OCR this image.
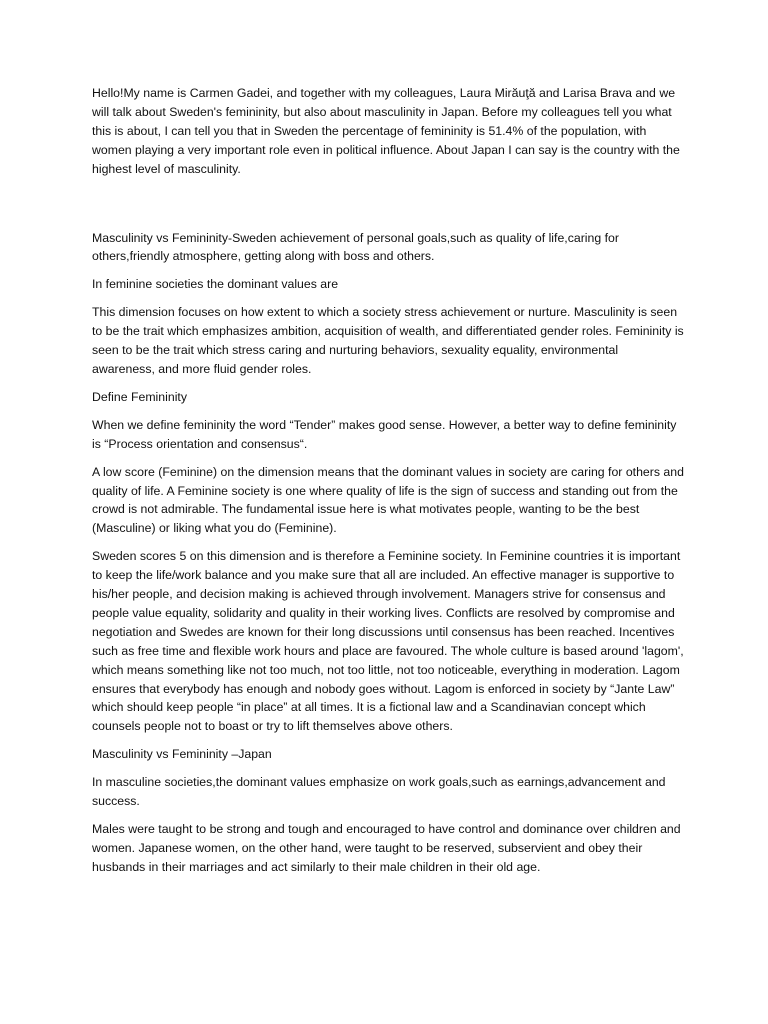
Hello!My name is Carmen Gadei, and together with my colleagues, Laura Mirăuţă and Larisa Brava and we will talk about Sweden's femininity, but also about masculinity in Japan. Before my colleagues tell you what this is about, I can tell you that in Sweden the percentage of femininity is 51.4% of the population, with women playing a very important role even in political influence. About Japan I can say is the country with the highest level of masculinity.

Masculinity vs Femininity-Sweden achievement of personal goals,such as quality of life,caring for others,friendly atmosphere, getting along with boss and others.

In feminine societies the dominant values are

This dimension focuses on how extent to which a society stress achievement or nurture. Masculinity is seen to be the trait which emphasizes ambition, acquisition of wealth, and differentiated gender roles. Femininity is seen to be the trait which stress caring and nurturing behaviors, sexuality equality, environmental awareness, and more fluid gender roles.

Define Femininity

When we define femininity the word “Tender” makes good sense. However, a better way to define femininity is “Process orientation and consensus“.

A low score (Feminine) on the dimension means that the dominant values in society are caring for others and quality of life. A Feminine society is one where quality of life is the sign of success and standing out from the crowd is not admirable. The fundamental issue here is what motivates people, wanting to be the best (Masculine) or liking what you do (Feminine).

Sweden scores 5 on this dimension and is therefore a Feminine society. In Feminine countries it is important to keep the life/work balance and you make sure that all are included. An effective manager is supportive to his/her people, and decision making is achieved through involvement. Managers strive for consensus and people value equality, solidarity and quality in their working lives. Conflicts are resolved by compromise and negotiation and Swedes are known for their long discussions until consensus has been reached. Incentives such as free time and flexible work hours and place are favoured. The whole culture is based around 'lagom', which means something like not too much, not too little, not too noticeable, everything in moderation. Lagom ensures that everybody has enough and nobody goes without. Lagom is enforced in society by “Jante Law” which should keep people “in place” at all times. It is a fictional law and a Scandinavian concept which counsels people not to boast or try to lift themselves above others.

Masculinity vs Femininity –Japan

In masculine societies,the dominant values emphasize on work goals,such as earnings,advancement and success.

Males were taught to be strong and tough and encouraged to have control and dominance over children and women. Japanese women, on the other hand, were taught to be reserved, subservient and obey their husbands in their marriages and act similarly to their male children in their old age.
